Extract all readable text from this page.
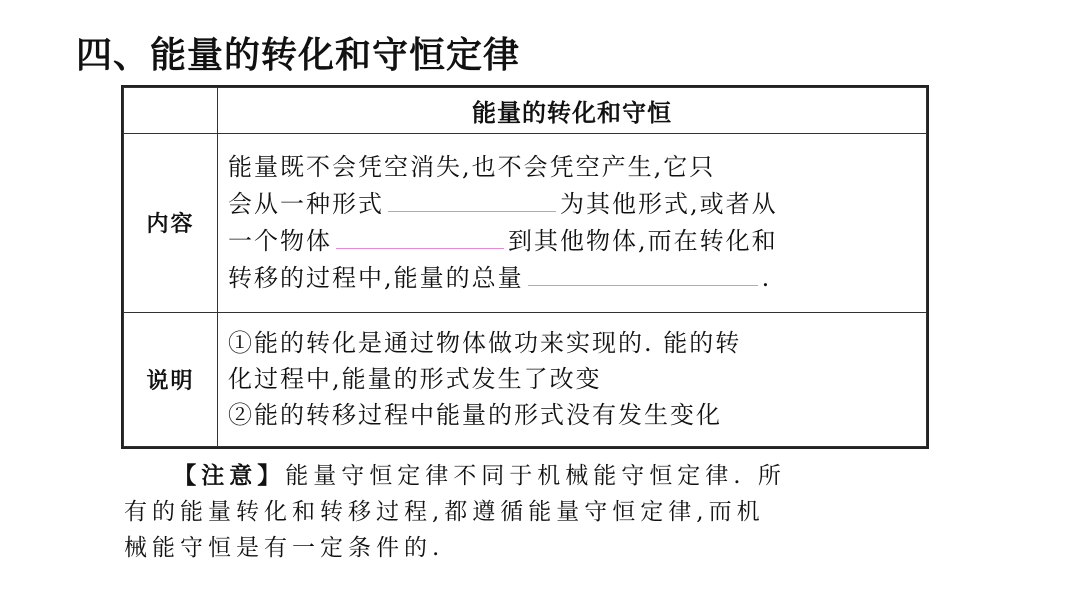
四、能量的转化和守恒定律
	能量的转化和守恒
内容	能量既不会凭空消失,也不会凭空产生,它只
会从一种形式 为其他形式,或者从
一个物体 到其他物体,而在转化和
转移的过程中,能量的总量 .

说明	①能的转化是通过物体做功来实现的. 能的转
化过程中,能量的形式发生了改变
②能的转移过程中能量的形式没有发生变化
【注意】能量守恒定律不同于机械能守恒定律. 所
有的能量转化和转移过程,都遵循能量守恒定律,而机
械能守恒是有一定条件的.
